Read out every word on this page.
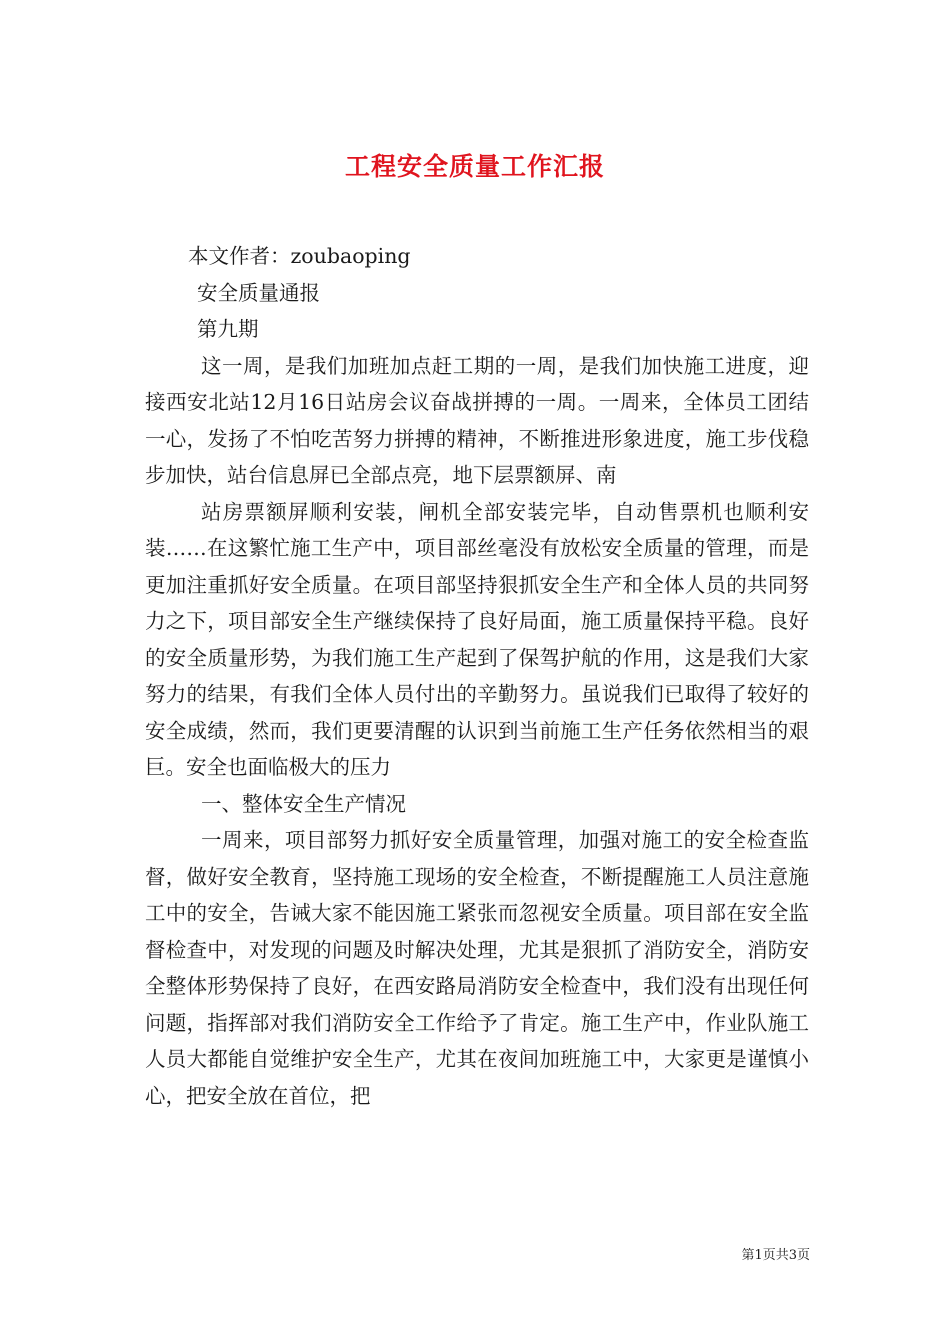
工程安全质量工作汇报

本文作者：zoubaoping

安全质量通报

第九期

这一周，是我们加班加点赶工期的一周，是我们加快施工进度，迎接西安北站12月16日站房会议奋战拼搏的一周。一周来，全体员工团结一心，发扬了不怕吃苦努力拼搏的精神，不断推进形象进度，施工步伐稳步加快，站台信息屏已全部点亮，地下层票额屏、南

站房票额屏顺利安装，闸机全部安装完毕，自动售票机也顺利安装……在这繁忙施工生产中，项目部丝毫没有放松安全质量的管理，而是更加注重抓好安全质量。在项目部坚持狠抓安全生产和全体人员的共同努力之下，项目部安全生产继续保持了良好局面，施工质量保持平稳。良好的安全质量形势，为我们施工生产起到了保驾护航的作用，这是我们大家努力的结果，有我们全体人员付出的辛勤努力。虽说我们已取得了较好的安全成绩，然而，我们更要清醒的认识到当前施工生产任务依然相当的艰巨。安全也面临极大的压力

一、整体安全生产情况

一周来，项目部努力抓好安全质量管理，加强对施工的安全检查监督，做好安全教育，坚持施工现场的安全检查，不断提醒施工人员注意施工中的安全，告诫大家不能因施工紧张而忽视安全质量。项目部在安全监督检查中，对发现的问题及时解决处理，尤其是狠抓了消防安全，消防安全整体形势保持了良好，在西安路局消防安全检查中，我们没有出现任何问题，指挥部对我们消防安全工作给予了肯定。施工生产中，作业队施工人员大都能自觉维护安全生产，尤其在夜间加班施工中，大家更是谨慎小心，把安全放在首位，把

第1页共3页
